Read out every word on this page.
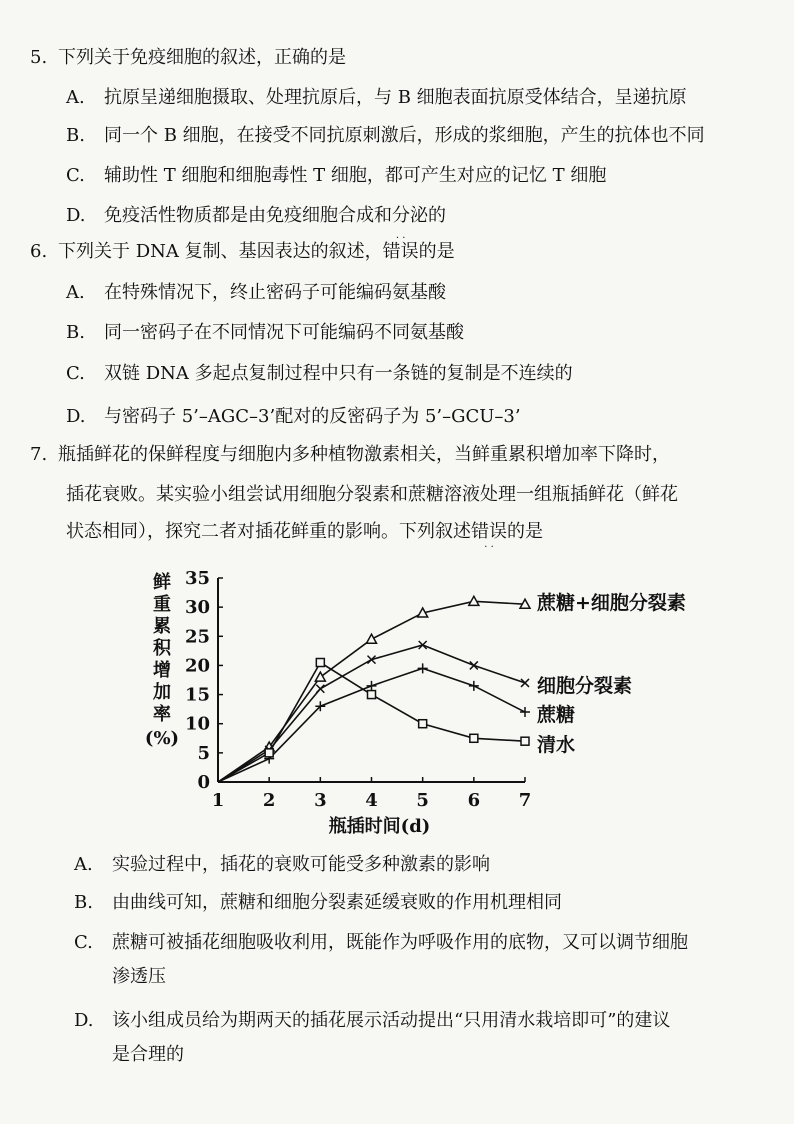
5. 下列关于免疫细胞的叙述，正确的是
A. 抗原呈递细胞摄取、处理抗原后，与 B 细胞表面抗原受体结合，呈递抗原
B. 同一个 B 细胞，在接受不同抗原刺激后，形成的浆细胞，产生的抗体也不同
C. 辅助性 T 细胞和细胞毒性 T 细胞，都可产生对应的记忆 T 细胞
D. 免疫活性物质都是由免疫细胞合成和分泌的
6. 下列关于 DNA 复制、基因表达的叙述，错误
· ·
的是
A. 在特殊情况下，终止密码子可能编码氨基酸
B. 同一密码子在不同情况下可能编码不同氨基酸
C. 双链 DNA 多起点复制过程中只有一条链的复制是不连续的
D. 与密码子 5’–AGC–3’配对的反密码子为 5’–GCU–3’
7. 瓶插鲜花的保鲜程度与细胞内多种植物激素相关，当鲜重累积增加率下降时，
插花衰败。某实验小组尝试用细胞分裂素和蔗糖溶液处理一组瓶插鲜花（鲜花
状态相同），探究二者对插花鲜重的影响。下列叙述错误
· ·
的是
鲜
重
累
积
增
加
率
(%)
0
5
10
15
20
25
30
35
1 2 3 4 5 6 7
蔗糖+细胞分裂素
细胞分裂素
蔗糖
清水
瓶插时间(d)
A. 实验过程中，插花的衰败可能受多种激素的影响
B. 由曲线可知，蔗糖和细胞分裂素延缓衰败的作用机理相同
C. 蔗糖可被插花细胞吸收利用，既能作为呼吸作用的底物，又可以调节细胞
渗透压
D. 该小组成员给为期两天的插花展示活动提出“只用清水栽培即可”的建议
是合理的
